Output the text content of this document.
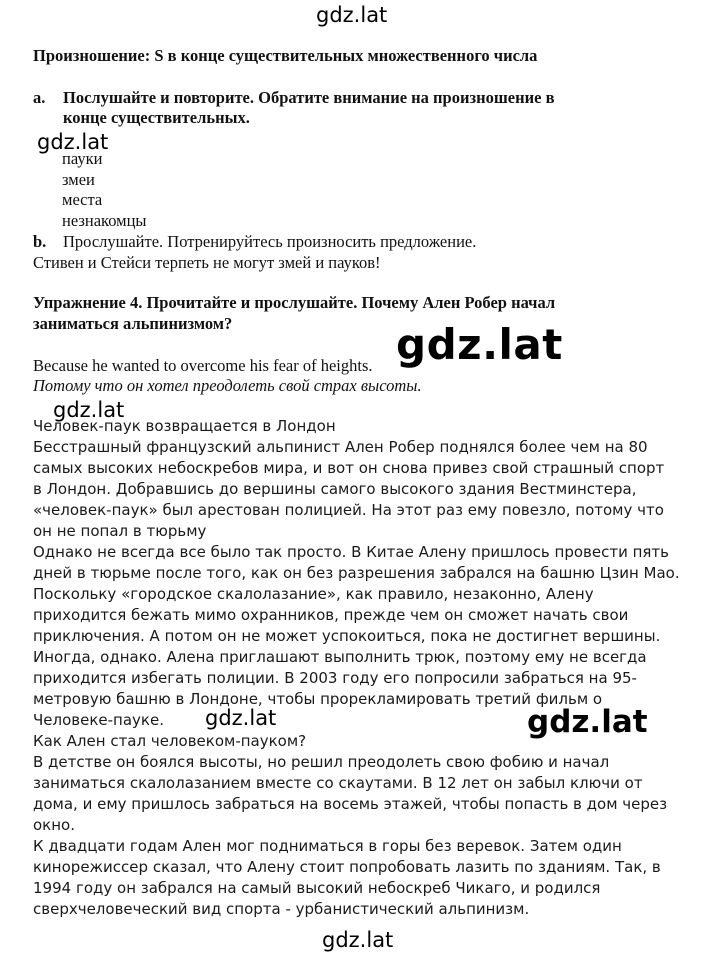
gdz.lat
Произношение: S в конце существительных множественного числа
a. Послушайте и повторите. Обратите внимание на произношение в
конце существительных.
gdz.lat
пауки
змеи
места
незнакомцы
b. Прослушайте. Потренируйтесь произносить предложение.
Стивен и Стейси терпеть не могут змей и пауков!
Упражнение 4. Прочитайте и прослушайте. Почему Ален Робер начал
заниматься альпинизмом?
Because he wanted to overcome his fear of heights. gdz.lat
Потому что он хотел преодолеть свой страх высоты.
Человек-паук возвращается в Лондон
gdz.lat
Бесстрашный французский альпинист Ален Робер поднялся более чем на 80
самых высоких небоскребов мира, и вот он снова привез свой страшный спорт
в Лондон. Добравшись до вершины самого высокого здания Вестминстера,
«человек-паук» был арестован полицией. На этот раз ему повезло, потому что
он не попал в тюрьму
Однако не всегда все было так просто. В Китае Алену пришлось провести пять
дней в тюрьме после того, как он без разрешения забрался на башню Цзин Мао.
Поскольку «городское скалолазание», как правило, незаконно, Алену
приходится бежать мимо охранников, прежде чем он сможет начать свои
приключения. А потом он не может успокоиться, пока не достигнет вершины.
Иногда, однако. Алена приглашают выполнить трюк, поэтому ему не всегда
приходится избегать полиции. В 2003 году его попросили забраться на 95-
метровую башню в Лондоне, чтобы прорекламировать третий фильм о
Человеке-пауке.
Как Ален стал человеком-пауком?
gdz.lat	gdz.lat
В детстве он боялся высоты, но решил преодолеть свою фобию и начал
заниматься скалолазанием вместе со скаутами. В 12 лет он забыл ключи от
дома, и ему пришлось забраться на восемь этажей, чтобы попасть в дом через
окно.
К двадцати годам Ален мог подниматься в горы без веревок. Затем один
кинорежиссер сказал, что Алену стоит попробовать лазить по зданиям. Так, в
1994 году он забрался на самый высокий небоскреб Чикаго, и родился
сверхчеловеческий вид спорта - урбанистический альпинизм.
gdz.lat
